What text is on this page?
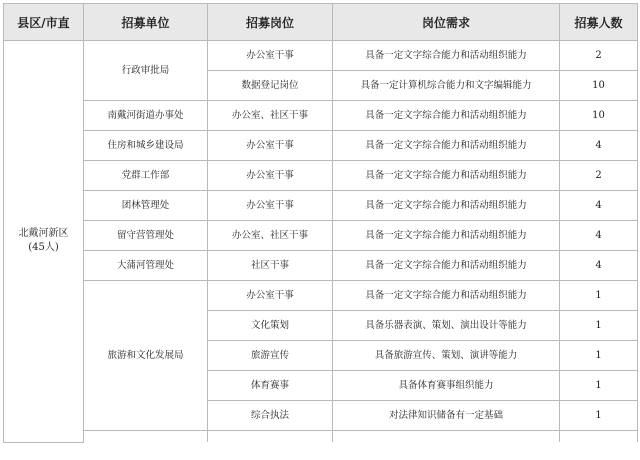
县区/市直	招募单位	招募岗位	岗位需求	招募人数

北戴河新区
(45人)	行政审批局	办公室干事	具备一定文字综合能力和活动组织能力	2
		数据登记岗位	具备一定计算机综合能力和文字编辑能力	10
	南戴河街道办事处	办公室、社区干事	具备一定文字综合能力和活动组织能力	10
	住房和城乡建设局	办公室干事	具备一定文字综合能力和活动组织能力	4
	党群工作部	办公室干事	具备一定文字综合能力和活动组织能力	2
	团林管理处	办公室干事	具备一定文字综合能力和活动组织能力	4
	留守营管理处	办公室、社区干事	具备一定文字综合能力和活动组织能力	4
	大蒲河管理处	社区干事	具备一定文字综合能力和活动组织能力	4
	旅游和文化发展局	办公室干事	具备一定文字综合能力和活动组织能力	1
		文化策划	具备乐器表演、策划、演出设计等能力	1
		旅游宣传	具备旅游宣传、策划、演讲等能力	1
		体育赛事	具备体育赛事组织能力	1
		综合执法	对法律知识储备有一定基础	1
